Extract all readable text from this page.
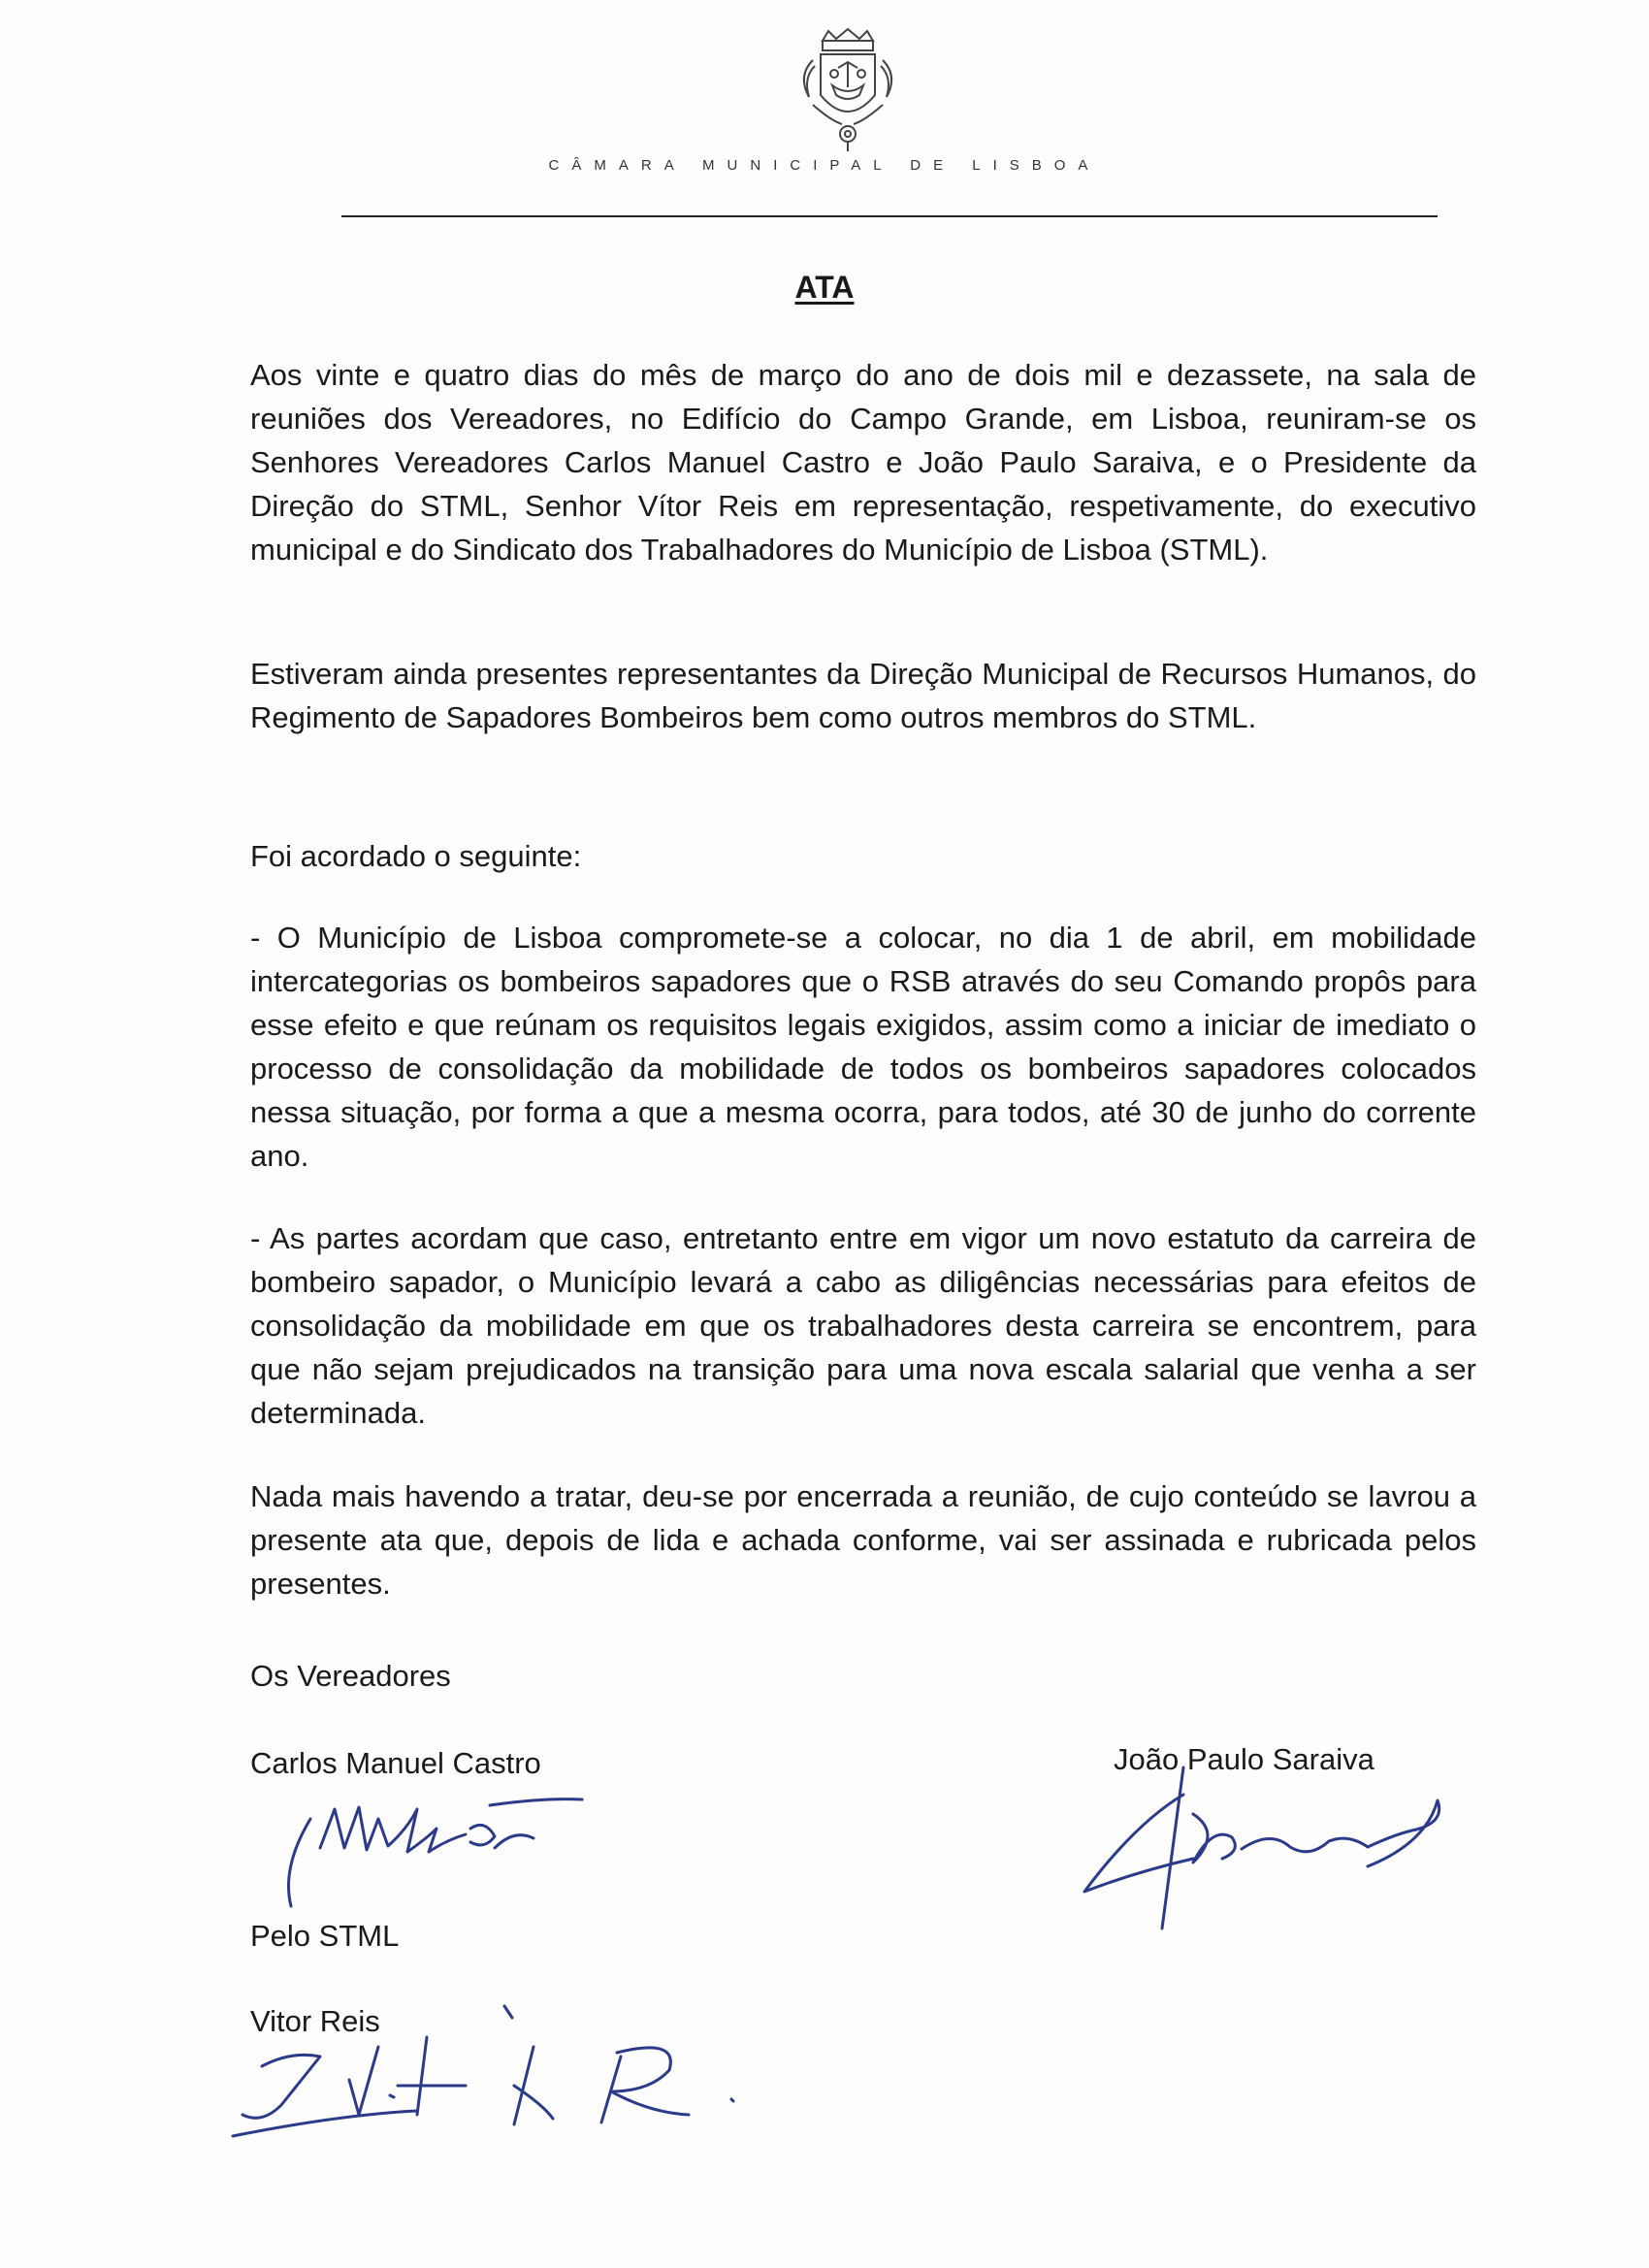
CÂMARA MUNICIPAL DE LISBOA
ATA

Aos vinte e quatro dias do mês de março do ano de dois mil e dezassete, na sala de reuniões dos Vereadores, no Edifício do Campo Grande, em Lisboa, reuniram-se os Senhores Vereadores Carlos Manuel Castro e João Paulo Saraiva, e o Presidente da Direção do STML, Senhor Vítor Reis em representação, respetivamente, do executivo municipal e do Sindicato dos Trabalhadores do Município de Lisboa (STML).

Estiveram ainda presentes representantes da Direção Municipal de Recursos Humanos, do Regimento de Sapadores Bombeiros bem como outros membros do STML.

Foi acordado o seguinte:

- O Município de Lisboa compromete-se a colocar, no dia 1 de abril, em mobilidade intercategorias os bombeiros sapadores que o RSB através do seu Comando propôs para esse efeito e que reúnam os requisitos legais exigidos, assim como a iniciar de imediato o processo de consolidação da mobilidade de todos os bombeiros sapadores colocados nessa situação, por forma a que a mesma ocorra, para todos, até 30 de junho do corrente ano.

- As partes acordam que caso, entretanto entre em vigor um novo estatuto da carreira de bombeiro sapador, o Município levará a cabo as diligências necessárias para efeitos de consolidação da mobilidade em que os trabalhadores desta carreira se encontrem, para que não sejam prejudicados na transição para uma nova escala salarial que venha a ser determinada.

Nada mais havendo a tratar, deu-se por encerrada a reunião, de cujo conteúdo se lavrou a presente ata que, depois de lida e achada conforme, vai ser assinada e rubricada pelos presentes.

Os Vereadores

Carlos Manuel Castro	João Paulo Saraiva

Pelo STML

Vitor Reis
